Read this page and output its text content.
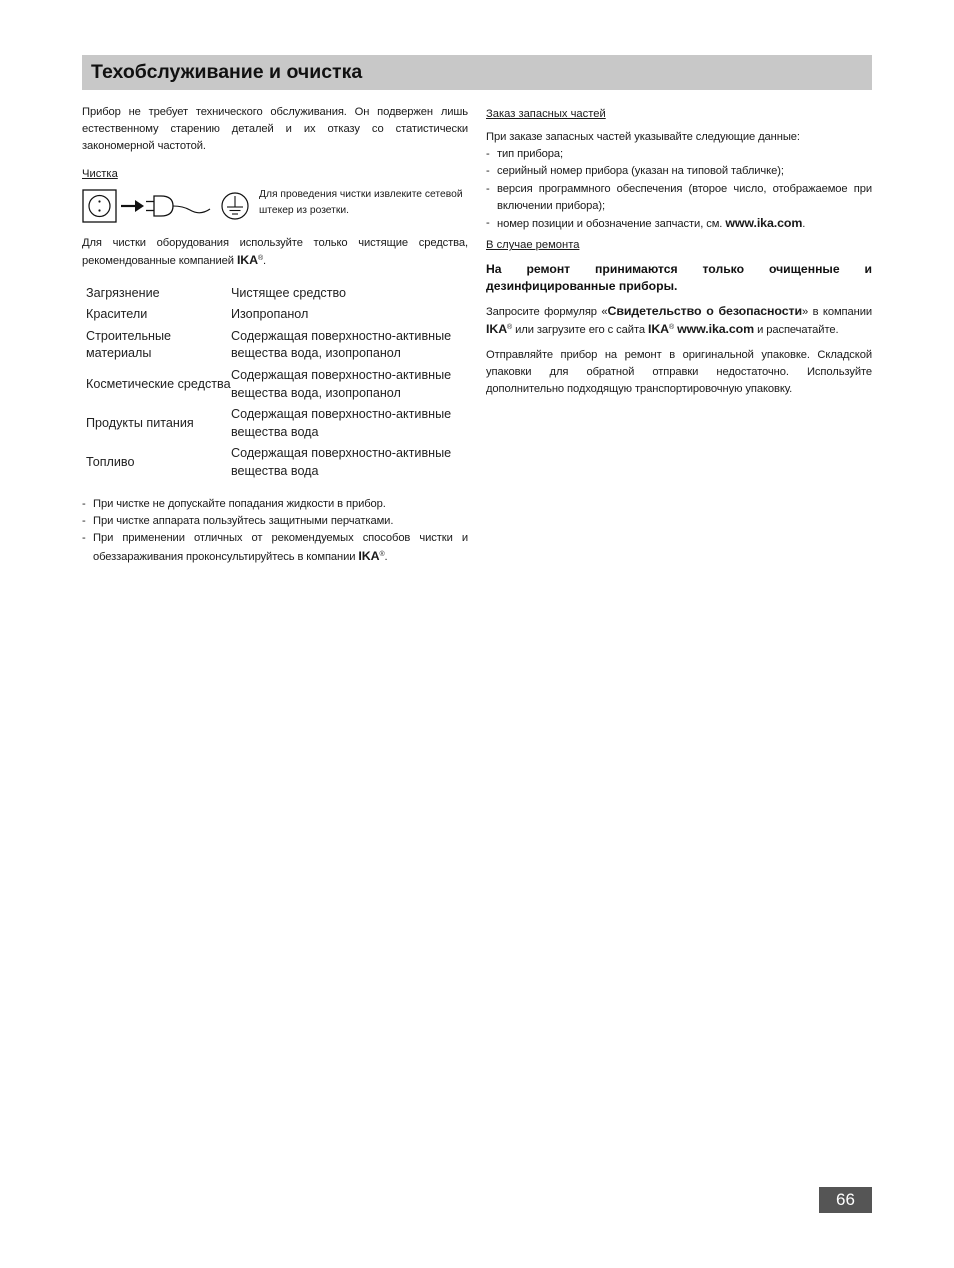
Техобслуживание и очистка

Прибор не требует технического обслуживания. Он подвержен лишь естественному старению деталей и их отказу со статистически закономерной частотой.

Чистка
Для проведения чистки извлеките сетевой штекер из розетки.

Для чистки оборудования используйте только чистящие средства, рекомендованные компанией IKA®.

Загрязнение	Чистящее средство
Красители	Изопропанол
Строительные материалы	Содержащая поверхностно-активные вещества вода, изопропанол
Косметические средства	Содержащая поверхностно-активные вещества вода, изопропанол
Продукты питания	Содержащая поверхностно-активные вещества вода
Топливо	Содержащая поверхностно-активные вещества вода
- При чистке не допускайте попадания жидкости в прибор.
- При чистке аппарата пользуйтесь защитными перчатками.
- При применении отличных от рекомендуемых способов чистки и обеззараживания проконсультируйтесь в компании IKA®.
Заказ запасных частей

При заказе запасных частей указывайте следующие данные:

- тип прибора;
- серийный номер прибора (указан на типовой табличке);
- версия программного обеспечения (второе число, отображаемое при включении прибора);
- номер позиции и обозначение запчасти, см. www.ika.com.
В случае ремонта

На ремонт принимаются только очищенные и дезинфицированные приборы.

Запросите формуляр «Свидетельство о безопасности» в компании IKA® или загрузите его с сайта IKA® www.ika.com и распечатайте.

Отправляйте прибор на ремонт в оригинальной упаковке. Складской упаковки для обратной отправки недостаточно. Используйте дополнительно подходящую транспортировочную упаковку.

66
